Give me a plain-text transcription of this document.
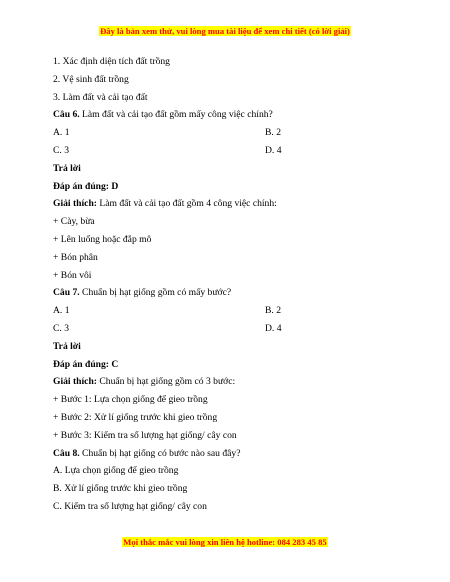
Đây là bản xem thử, vui lòng mua tài liệu để xem chi tiết (có lời giải)
1. Xác định diện tích đất trồng
2. Vệ sinh đất trồng
3. Làm đất và cải tạo đất
Câu 6. Làm đất và cải tạo đất gồm mấy công việc chính?
A. 1	B. 2
C. 3	D. 4
Trả lời
Đáp án đúng: D
Giải thích: Làm đất và cải tạo đất gồm 4 công việc chính:
+ Cày, bừa
+ Lên luống hoặc đắp mô
+ Bón phân
+ Bón vôi
Câu 7. Chuẩn bị hạt giống gồm có mấy bước?
A. 1	B. 2
C. 3	D. 4
Trả lời
Đáp án đúng: C
Giải thích: Chuẩn bị hạt giống gồm có 3 bước:
+ Bước 1: Lựa chọn giống để gieo trồng
+ Bước 2: Xử lí giống trước khi gieo trồng
+ Bước 3: Kiểm tra số lượng hạt giống/ cây con
Câu 8. Chuẩn bị hạt giống có bước nào sau đây?
A. Lựa chọn giống để gieo trồng
B. Xử lí giống trước khi gieo trồng
C. Kiểm tra số lượng hạt giống/ cây con
Mọi thắc mắc vui lòng xin liên hệ hotline: 084 283 45 85
